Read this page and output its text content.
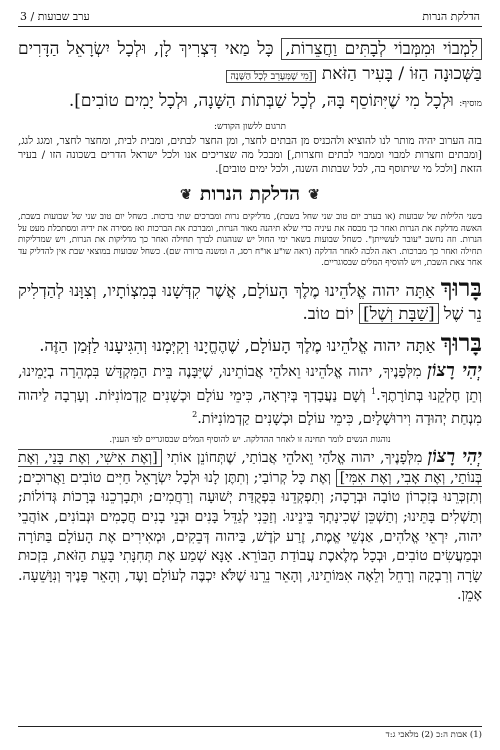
הדלקת הנרות
ערב שבועות / 3
לִמְבוֹי וּמִמְּבוֹי לְבָתִּים וַחֲצֵרוֹת, כָּל מַאי דִּצְרִיךְ לָן, וּלְכָל יִשְׂרָאֵל הַדָּרִים בַּשְּׁכוּנָה הַזּוֹ / בָּעִיר הַזֹּאת [מִי שֶׁמְּעָרֵב לְכָל הַשָּׁנָה
מוסיף: וּלְכָל מִי שֶׁיִּתּוֹסֵף בָּהּ, לְכָל שַׁבְּתוֹת הַשָּׁנָה, וּלְכָל יָמִים טוֹבִים].
תרגום ללשון הקודש:
בזה הערוב יהיה מותר לנו להוציא ולהכניס מן הבתים לחצר, ומן החצר לבתים, ומבית לבית, ומחצר לחצר, ומגג לגג, [ומבתים וחצרות למבוי וממבוי לבתים וחצרות,] ומבכל מה שצריכים אנו ולכל ישראל הדרים בשכונה הזו / בעיר הזאת [ולכל מי שיתוסף בה, לכל שבתות השנה, ולכל ימים טובים].
❦
הדלקת הנרות
❦
בשני הלילות של שבועות (או בערב יום טוב שני שחל בשבת), מדליקים נרות ומברכים שתי ברכות. כשחל יום טוב שני של שבועות בשבת, האשה מדלקת את הנרות ואחר כך מכסה את עיניה כדי שלא תיהנה מאור הנרות, ומברכת את הברכות ואז מסירה את ידיה ומסתכלת מעט על הנרות. וזה נחשב "עובר לעשייתן". כשחל שבועות בשאר ימי החול יש שנוהגות לברך תחילה ואחר כך מדליקות את הנרות, ויש שמדליקות תחילה ואחר כך מברכות. ראה הלכה לאחר הדלקה (ראה שו"ע או"ח רסג, ה ומשנה ברורה שם). כשחל שבועות במוצאי שבת אין להדליק עד אחר צאת השבת, ויש להוסיף המלים שבסוגריים.
בָּרוּךְ אַתָּה יהוה אֱלֹהֵינוּ מֶלֶךְ הָעוֹלָם, אֲשֶׁר קִדְּשָׁנוּ בְּמִצְוֹתָיו, וְצִוָּנוּ לְהַדְלִיק נֵר שֶׁל [שַׁבָּת וְשֶׁל] יוֹם טוֹב.
בָּרוּךְ אַתָּה יהוה אֱלֹהֵינוּ מֶלֶךְ הָעוֹלָם, שֶׁהֶחֱיָנוּ וְקִיְּמָנוּ וְהִגִּיעָנוּ לַזְּמַן הַזֶּה.
יְהִי רָצוֹן מִלְּפָנֶיךָ, יהוה אֱלֹהֵינוּ וֵאלֹהֵי אֲבוֹתֵינוּ, שֶׁיִּבָּנֶה בֵּית הַמִּקְדָּשׁ בִּמְהֵרָה בְיָמֵינוּ, וְתֵן חֶלְקֵנוּ בְּתוֹרָתֶךָ.$^1$ וְשָׁם נַעֲבָדְךָ בְּיִרְאָה, כִּימֵי עוֹלָם וּכְשָׁנִים קַדְמוֹנִיּוֹת. וְעָרְבָה לַיהוה מִנְחַת יְהוּדָה וִירוּשָׁלָיִם, כִּימֵי עוֹלָם וּכְשָׁנִים קַדְמוֹנִיּוֹת.$^2$
נוהגות הנשים לומר תחינה זו לאחר ההדלקה. יש להוסיף המלים שבסוגריים לפי הענין.
יְהִי רָצוֹן מִלְּפָנֶיךָ, יהוה אֱלֹהַי וֵאלֹהֵי אֲבוֹתַי, שֶׁתְּחוֹנֵן אוֹתִי [וְאֶת אִישִׁי, וְאֶת בָּנַי, וְאֶת בְּנוֹתַי, וְאֶת אָבִי, וְאֶת אִמִּי] וְאֶת כָּל קְרוֹבַי; וְתִתֶּן לָנוּ וּלְכָל יִשְׂרָאֵל חַיִּים טוֹבִים וַאֲרוּכִים; וְתִזְכְּרֵנוּ בְּזִכְרוֹן טוֹבָה וּבְרָכָה; וְתִפְקְדֵנוּ בִּפְקֻדַּת יְשׁוּעָה וְרַחֲמִים; וּתְבָרְכֵנוּ בְּרָכוֹת גְּדוֹלוֹת; וְתַשְׁלִים בָּתֵּינוּ; וְתַשְׁכֵּן שְׁכִינָתְךָ בֵּינֵינוּ. וְזַכֵּנִי לְגַדֵּל בָּנִים וּבְנֵי בָנִים חֲכָמִים וּנְבוֹנִים, אוֹהֲבֵי יהוה, יִרְאֵי אֱלֹהִים, אַנְשֵׁי אֱמֶת, זֶרַע קֹדֶשׁ, בַּיהוה דְּבֵקִים, וּמְאִירִים אֶת הָעוֹלָם בַּתּוֹרָה וּבְמַעֲשִׂים טוֹבִים, וּבְכָל מְלֶאכֶת עֲבוֹדַת הַבּוֹרֵא. אָנָּא שְׁמַע אֶת תְּחִנָּתִי בָּעֵת הַזֹּאת, בִּזְכוּת שָׂרָה וְרִבְקָה וְרָחֵל וְלֵאָה אִמּוֹתֵינוּ, וְהָאֵר נֵרֵנוּ שֶׁלֹּא יִכְבֶּה לְעוֹלָם וָעֶד, וְהָאֵר פָּנֶיךָ וְנִוָּשֵׁעָה. אָמֵן.
(1) אבות ה:כ (2) מלאכי ג:ד
